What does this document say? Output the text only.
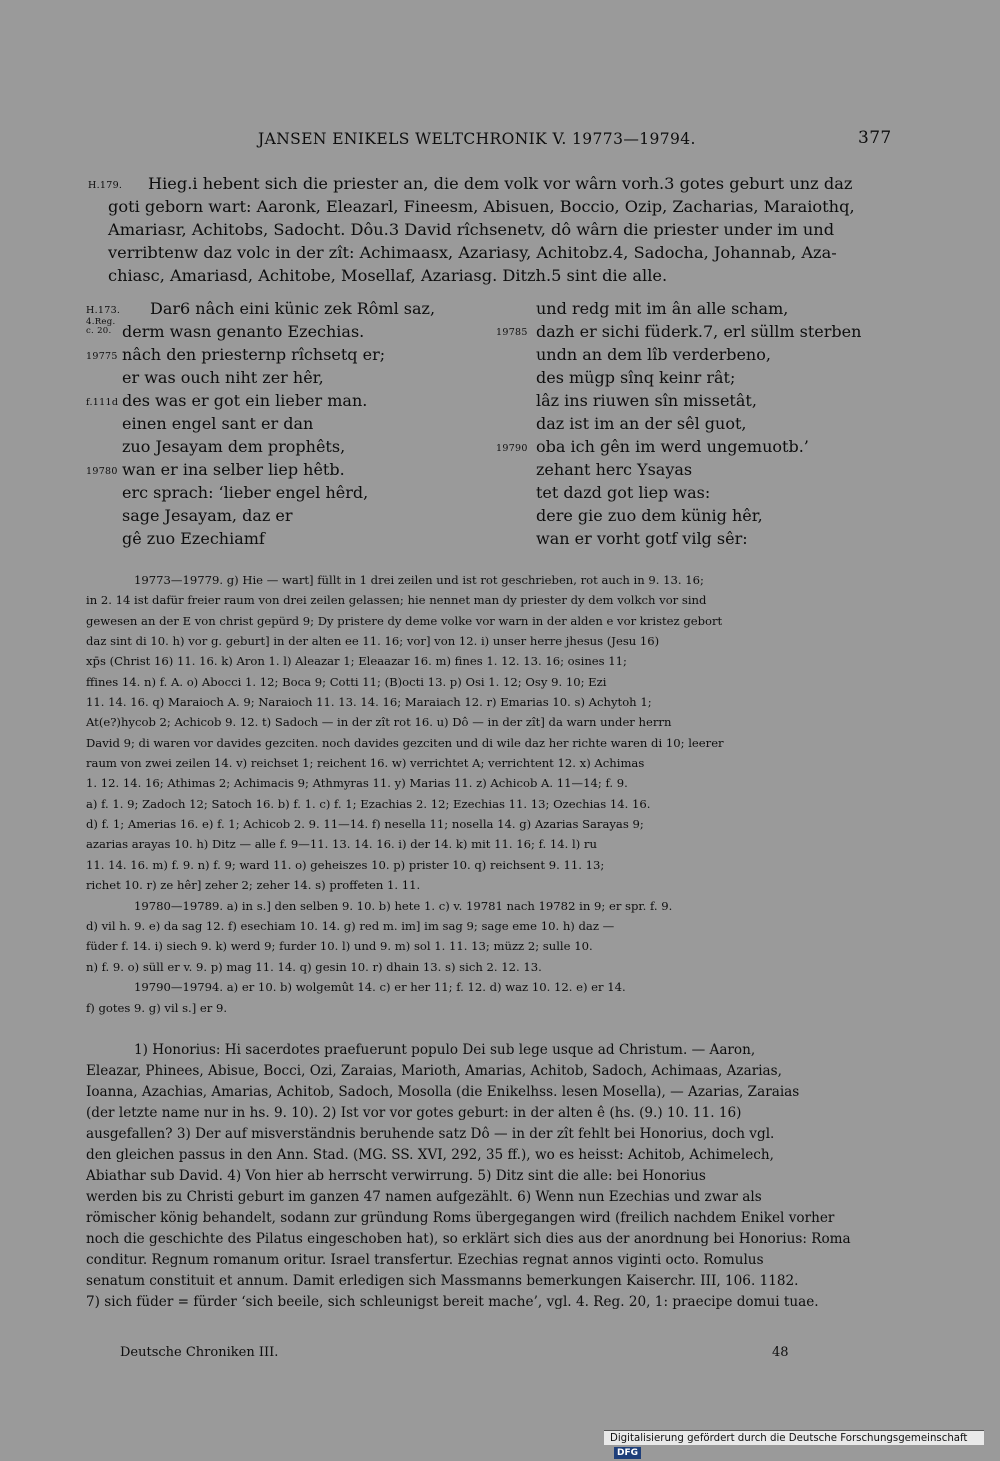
JANSEN ENIKELS WELTCHRONIK V. 19773—19794.	377
H.179. Hieg.i hebent sich die priester an, die dem volk vor wârn vorh.3 gotes geburt unz daz
goti geborn wart: Aaronk, Eleazarl, Fineesm, Abisuen, Boccio, Ozip, Zacharias, Maraiothq,
Amariasr, Achitobs, Sadocht. Dôu.3 David rîchsenetv, dô wârn die priester under im und
verribtenw daz volc in der zît: Achimaasx, Azariasy, Achitobz.4, Sadocha, Johannab, Aza-
chiasc, Amariasd, Achitobe, Mosellaf, Azariasg. Ditzh.5 sint die alle.
H.173.
4.Reg. c. 20.
19775
f.111d
19780
Dar6 nâch eini künic zek Rôml saz,
derm wasn genanto Ezechias.
nâch den priesternp rîchsetq er;
er was ouch niht zer hêr,
des was er got ein lieber man.
einen engel sant er dan
zuo Jesayam dem prophêts,
wan er ina selber liep hêtb.
erc sprach: ‘lieber engel hêrd,
sage Jesayam, daz er
gê zuo Ezechiamf
19785
19790
und redg mit im ân alle scham,
dazh er sichi füderk.7, erl süllm sterben
undn an dem lîb verderbeno,
des mügp sînq keinr rât;
lâz ins riuwen sîn missetât,
daz ist im an der sêl guot,
oba ich gên im werd ungemuotb.’
zehant herc Ysayas
tet dazd got liep was:
dere gie zuo dem künig hêr,
wan er vorht gotf vilg sêr:
19773—19779. g) Hie — wart] füllt in 1 drei zeilen und ist rot geschrieben, rot auch in 9. 13. 16;
in 2. 14 ist dafür freier raum von drei zeilen gelassen; hie nennet man dy priester dy dem volkch vor sind
gewesen an der E von christ gepürd 9; Dy pristere dy deme volke vor warn in der alden e vor kristez gebort
daz sint di 10. h) vor g. geburt] in der alten ee 11. 16; vor] von 12. i) unser herre jhesus (Jesu 16)
xp̄s (Christ 16) 11. 16. k) Aron 1. l) Aleazar 1; Eleaazar 16. m) fines 1. 12. 13. 16; osines 11;
ffines 14. n) f. A. o) Abocci 1. 12; Boca 9; Cotti 11; (B)octi 13. p) Osi 1. 12; Osy 9. 10; Ezi
11. 14. 16. q) Maraioch A. 9; Naraioch 11. 13. 14. 16; Maraiach 12. r) Emarias 10. s) Achytoh 1;
At(e?)hycob 2; Achicob 9. 12. t) Sadoch — in der zît rot 16. u) Dô — in der zît] da warn under herrn
David 9; di waren vor davides gezciten. noch davides gezciten und di wile daz her richte waren di 10; leerer
raum von zwei zeilen 14. v) reichset 1; reichent 16. w) verrichtet A; verrichtent 12. x) Achimas
1. 12. 14. 16; Athimas 2; Achimacis 9; Athmyras 11. y) Marias 11. z) Achicob A. 11—14; f. 9.
a) f. 1. 9; Zadoch 12; Satoch 16. b) f. 1. c) f. 1; Ezachias 2. 12; Ezechias 11. 13; Ozechias 14. 16.
d) f. 1; Amerias 16. e) f. 1; Achicob 2. 9. 11—14. f) nesella 11; nosella 14. g) Azarias Sarayas 9;
azarias arayas 10. h) Ditz — alle f. 9—11. 13. 14. 16. i) der 14. k) mit 11. 16; f. 14. l) ru
11. 14. 16. m) f. 9. n) f. 9; ward 11. o) geheiszes 10. p) prister 10. q) reichsent 9. 11. 13;
richet 10. r) ze hêr] zeher 2; zeher 14. s) proffeten 1. 11.
19780—19789. a) in s.] den selben 9. 10. b) hete 1. c) v. 19781 nach 19782 in 9; er spr. f. 9.
d) vil h. 9. e) da sag 12. f) esechiam 10. 14. g) red m. im] im sag 9; sage eme 10. h) daz —
füder f. 14. i) siech 9. k) werd 9; furder 10. l) und 9. m) sol 1. 11. 13; müzz 2; sulle 10.
n) f. 9. o) süll er v. 9. p) mag 11. 14. q) gesin 10. r) dhain 13. s) sich 2. 12. 13.
19790—19794. a) er 10. b) wolgemût 14. c) er her 11; f. 12. d) waz 10. 12. e) er 14.
f) gotes 9. g) vil s.] er 9.
1) Honorius: Hi sacerdotes praefuerunt populo Dei sub lege usque ad Christum. — Aaron,
Eleazar, Phinees, Abisue, Bocci, Ozi, Zaraias, Marioth, Amarias, Achitob, Sadoch, Achimaas, Azarias,
Ioanna, Azachias, Amarias, Achitob, Sadoch, Mosolla (die Enikelhss. lesen Mosella), — Azarias, Zaraias
(der letzte name nur in hs. 9. 10). 2) Ist vor vor gotes geburt: in der alten ê (hs. (9.) 10. 11. 16)
ausgefallen? 3) Der auf misverständnis beruhende satz Dô — in der zît fehlt bei Honorius, doch vgl.
den gleichen passus in den Ann. Stad. (MG. SS. XVI, 292, 35 ff.), wo es heisst: Achitob, Achimelech,
Abiathar sub David. 4) Von hier ab herrscht verwirrung. 5) Ditz sint die alle: bei Honorius
werden bis zu Christi geburt im ganzen 47 namen aufgezählt. 6) Wenn nun Ezechias und zwar als
römischer könig behandelt, sodann zur gründung Roms übergegangen wird (freilich nachdem Enikel vorher
noch die geschichte des Pilatus eingeschoben hat), so erklärt sich dies aus der anordnung bei Honorius: Roma
conditur. Regnum romanum oritur. Israel transfertur. Ezechias regnat annos viginti octo. Romulus
senatum constituit et annum. Damit erledigen sich Massmanns bemerkungen Kaiserchr. III, 106. 1182.
7) sich füder = fürder ‘sich beeile, sich schleunigst bereit mache’, vgl. 4. Reg. 20, 1: praecipe domui tuae.
Deutsche Chroniken III.	48
Digitalisierung gefördert durch die Deutsche Forschungsgemeinschaft DFG
